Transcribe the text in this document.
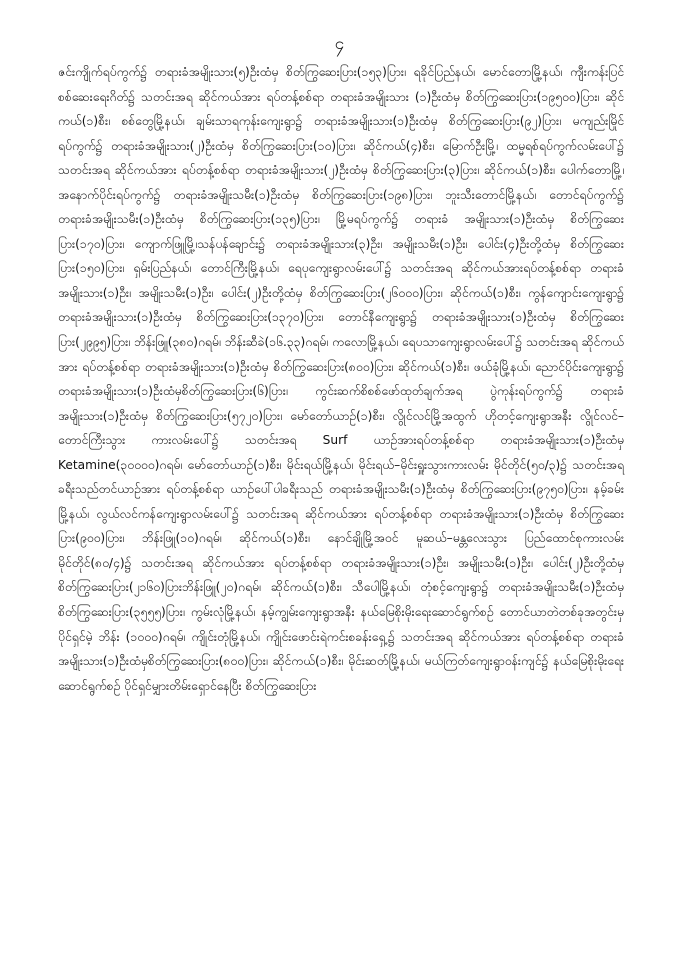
၄

ဇင်းကျိုက်ရပ်ကွက်၌ တရားခံအမျိုးသား(၅)ဦးထံမှ စိတ်ကြွဆေးပြား(၁၅၃)ပြား၊ ရခိုင်ပြည်နယ်၊ မောင်တောမြို့နယ်၊ ကျီးကန်းပြင်စစ်ဆေးရေးဂိတ်၌ သတင်းအရ ဆိုင်ကယ်အား ရပ်တန့်စစ်ရာ တရားခံအမျိုးသား (၁)ဦးထံမှ စိတ်ကြွဆေးပြား(၁၉၅၀၀)ပြား၊ ဆိုင်ကယ်(၁)စီး၊ စစ်တွေမြို့နယ်၊ ချမ်းသာရကုန်းကျေးရွာ၌ တရားခံအမျိုးသား(၁)ဦးထံမှ စိတ်ကြွဆေးပြား(၉၂)ပြား၊ မကျည်းမြိုင်ရပ်ကွက်၌ တရားခံအမျိုးသား(၂)ဦးထံမှ စိတ်ကြွဆေးပြား(၁၀)ပြား၊ ဆိုင်ကယ်(၄)စီး၊ မြောက်ဦးမြို့၊ ထမ္မရစ်ရပ်ကွက်လမ်းပေါ်၌ သတင်းအရ ဆိုင်ကယ်အား ရပ်တန့်စစ်ရာ တရားခံအမျိုးသား(၂)ဦးထံမှ စိတ်ကြွဆေးပြား(၃)ပြား၊ ဆိုင်ကယ်(၁)စီး၊ ပေါက်တောမြို့၊ အနောက်ပိုင်းရပ်ကွက်၌ တရားခံအမျိုးသမီး(၁)ဦးထံမှ စိတ်ကြွဆေးပြား(၁၉၈)ပြား၊ ဘူးသီးတောင်မြို့နယ်၊ တောင်ရပ်ကွက်၌ တရားခံအမျိုးသမီး(၁)ဦးထံမှ စိတ်ကြွဆေးပြား(၁၃၅)ပြား၊ မြို့မရပ်ကွက်၌ တရားခံ အမျိုးသား(၁)ဦးထံမှ စိတ်ကြွဆေးပြား(၁၇၀)ပြား၊ ကျောက်ဖြူမြို့၊သန်ပန်ချောင်း၌ တရားခံအမျိုးသား(၃)ဦး၊ အမျိုးသမီး(၁)ဦး၊ ပေါင်း(၄)ဦးတို့ထံမှ စိတ်ကြွဆေးပြား(၁၅၀)ပြား၊ ရှမ်းပြည်နယ်၊ တောင်ကြီးမြို့နယ်၊ ရေပုကျေးရွာလမ်းပေါ်၌ သတင်းအရ ဆိုင်ကယ်အားရပ်တန့်စစ်ရာ တရားခံအမျိုးသား(၁)ဦး၊ အမျိုးသမီး(၁)ဦး၊ ပေါင်း(၂)ဦးတို့ထံမှ စိတ်ကြွဆေးပြား(၂၆၀၀၀)ပြား၊ ဆိုင်ကယ်(၁)စီး၊ ကွန်ကျောင်းကျေးရွာ၌ တရားခံအမျိုးသား(၁)ဦးထံမှ စိတ်ကြွဆေးပြား(၁၃၇၀)ပြား၊ တောင်နီကျေးရွာ၌ တရားခံအမျိုးသား(၁)ဦးထံမှ စိတ်ကြွဆေးပြား(၂၉၉၅)ပြား၊ ဘိန်းဖြူ(၃၈၀)ဂရမ်၊ ဘိန်းဆီခဲ(၁၆.၃၃)ဂရမ်၊ ကလောမြို့နယ်၊ ရေပသာကျေးရွာလမ်းပေါ်၌ သတင်းအရ ဆိုင်ကယ်အား ရပ်တန့်စစ်ရာ တရားခံအမျိုးသား(၁)ဦးထံမှ စိတ်ကြွဆေးပြား(၈၀၀)ပြား၊ ဆိုင်ကယ်(၁)စီး၊ ဖယ်ခုံမြို့နယ်၊ ညောင်ပိုင်းကျေးရွာ၌ တရားခံအမျိုးသား(၁)ဦးထံမှစိတ်ကြွဆေးပြား(၆)ပြား၊ ကွင်းဆက်စိစစ်ဖော်ထုတ်ချက်အရ ပွဲကုန်းရပ်ကွက်၌ တရားခံအမျိုးသား(၁)ဦးထံမှ စိတ်ကြွဆေးပြား(၅၇၂၀)ပြား၊ မော်တော်ယာဉ်(၁)စီး၊ လွိုင်လင်မြို့အထွက် ဟိုတင့်ကျေးရွာအနီး လွိုင်လင်–တောင်ကြီးသွား ကားလမ်းပေါ်၌ သတင်းအရ Surf ယာဉ်အားရပ်တန့်စစ်ရာ တရားခံအမျိုးသား(၁)ဦးထံမှ Ketamine(၃၀၀၀၀)ဂရမ်၊ မော်တော်ယာဉ်(၁)စီး၊ မိုင်းရယ်မြို့နယ်၊ မိုင်းရယ်–မိုင်းရှူးသွားကားလမ်း မိုင်တိုင်(၅၀/၃)၌ သတင်းအရ ခရီးသည်တင်ယာဉ်အား ရပ်တန့်စစ်ရာ ယာဉ်ပေါ်ပါခရီးသည် တရားခံအမျိုးသမီး(၁)ဦးထံမှ စိတ်ကြွဆေးပြား(၉၇၅၀)ပြား၊ နမ့်ခမ်းမြို့နယ်၊ လွယ်လင်ကန်ကျေးရွာလမ်းပေါ်၌ သတင်းအရ ဆိုင်ကယ်အား ရပ်တန့်စစ်ရာ တရားခံအမျိုးသား(၁)ဦးထံမှ စိတ်ကြွဆေးပြား(၉၀၀)ပြား၊ ဘိန်းဖြူ(၁၀)ဂရမ်၊ ဆိုင်ကယ်(၁)စီး၊ နောင်ချိုမြို့အဝင် မူဆယ်–မန္တလေးသွား ပြည်ထောင်စုကားလမ်း မိုင်တိုင်(၈၀/၄)၌ သတင်းအရ ဆိုင်ကယ်အား ရပ်တန့်စစ်ရာ တရားခံအမျိုးသား(၁)ဦး၊ အမျိုးသမီး(၁)ဦး၊ ပေါင်း(၂)ဦးတို့ထံမှ စိတ်ကြွဆေးပြား(၂၁၆၀)ပြားဘိန်းဖြူ(၂၀)ဂရမ်၊ ဆိုင်ကယ်(၁)စီး၊ သီပေါမြို့နယ်၊ တုံစင့်ကျေးရွာ၌ တရားခံအမျိုးသမီး(၁)ဦးထံမှ စိတ်ကြွဆေးပြား(၃၅၅၅)ပြား၊ ကွမ်းလုံမြို့နယ်၊ နမ့်ကျွမ်းကျေးရွာအနီး နယ်မြေစိုးမိုးရေးဆောင်ရွက်စဉ် တောင်ယာတဲတစ်ခုအတွင်းမှ ပိုင်ရှင်မဲ့ ဘိန်း (၁၀၀၀)ဂရမ်၊ ကျိုင်းတုံမြို့နယ်၊ ကျိုင်းဖောင်းရဲကင်းစခန်းရှေ့၌ သတင်းအရ ဆိုင်ကယ်အား ရပ်တန့်စစ်ရာ တရားခံအမျိုးသား(၁)ဦးထံမှစိတ်ကြွဆေးပြား(၈၀၀)ပြား၊ ဆိုင်ကယ်(၁)စီး၊ မိုင်းဆတ်မြို့နယ်၊ မယ်ကြတ်ကျေးရွာဝန်းကျင်၌ နယ်မြေစိုးမိုးရေးဆောင်ရွက်စဉ် ပိုင်ရှင်မျှားတိမ်းရှောင်နေပြီး စိတ်ကြွဆေးပြား
